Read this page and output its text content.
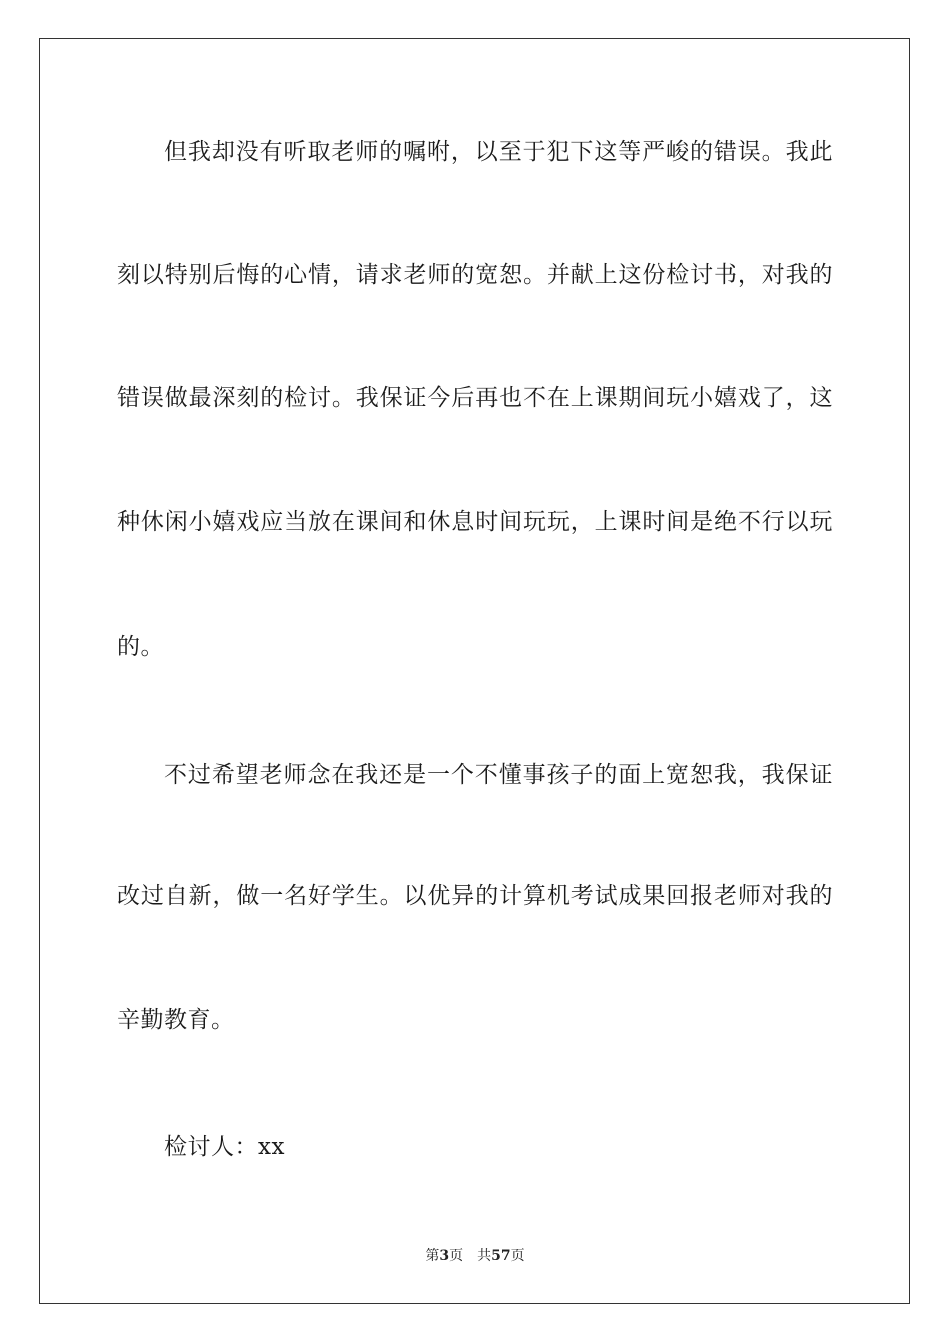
但我却没有听取老师的嘱咐，以至于犯下这等严峻的错误。我此
刻以特别后悔的心情，请求老师的宽恕。并献上这份检讨书，对我的
错误做最深刻的检讨。我保证今后再也不在上课期间玩小嬉戏了，这
种休闲小嬉戏应当放在课间和休息时间玩玩，上课时间是绝不行以玩
的。
不过希望老师念在我还是一个不懂事孩子的面上宽恕我，我保证
改过自新，做一名好学生。以优异的计算机考试成果回报老师对我的
辛勤教育。
检讨人：xx
第3页 共57页
